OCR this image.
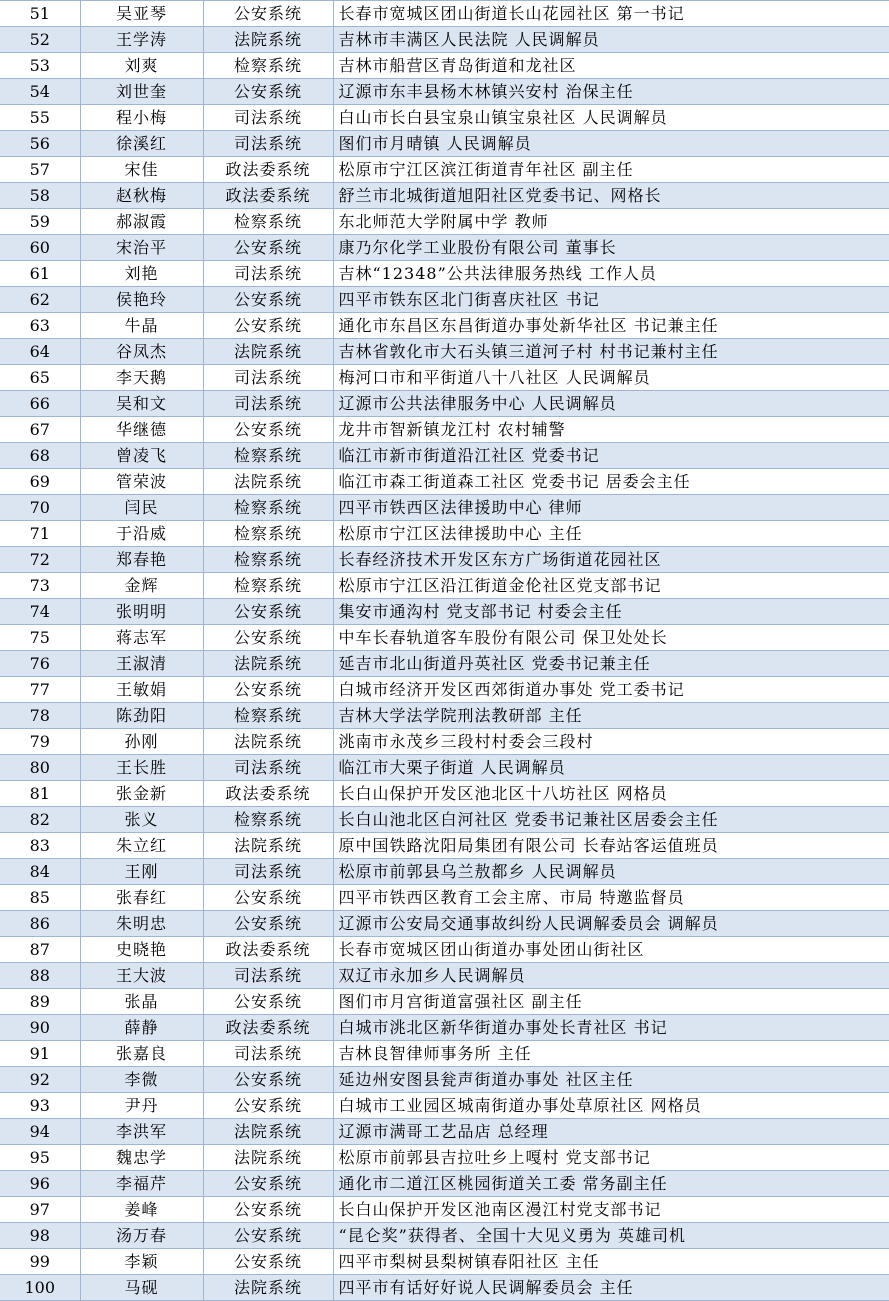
51	吴亚琴	公安系统	长春市宽城区团山街道长山花园社区 第一书记
52	王学涛	法院系统	吉林市丰满区人民法院 人民调解员
53	刘爽	检察系统	吉林市船营区青岛街道和龙社区
54	刘世奎	公安系统	辽源市东丰县杨木林镇兴安村 治保主任
55	程小梅	司法系统	白山市长白县宝泉山镇宝泉社区 人民调解员
56	徐溪红	司法系统	图们市月晴镇 人民调解员
57	宋佳	政法委系统	松原市宁江区滨江街道青年社区 副主任
58	赵秋梅	政法委系统	舒兰市北城街道旭阳社区党委书记、网格长
59	郝淑霞	检察系统	东北师范大学附属中学 教师
60	宋治平	公安系统	康乃尔化学工业股份有限公司 董事长
61	刘艳	司法系统	吉林“12348”公共法律服务热线 工作人员
62	侯艳玲	公安系统	四平市铁东区北门街喜庆社区 书记
63	牛晶	公安系统	通化市东昌区东昌街道办事处新华社区 书记兼主任
64	谷凤杰	法院系统	吉林省敦化市大石头镇三道河子村 村书记兼村主任
65	李天鹅	司法系统	梅河口市和平街道八十八社区 人民调解员
66	吴和文	司法系统	辽源市公共法律服务中心 人民调解员
67	华继德	公安系统	龙井市智新镇龙江村 农村辅警
68	曾凌飞	检察系统	临江市新市街道沿江社区 党委书记
69	管荣波	法院系统	临江市森工街道森工社区 党委书记 居委会主任
70	闫民	检察系统	四平市铁西区法律援助中心 律师
71	于沿威	检察系统	松原市宁江区法律援助中心 主任
72	郑春艳	检察系统	长春经济技术开发区东方广场街道花园社区
73	金辉	检察系统	松原市宁江区沿江街道金伦社区党支部书记
74	张明明	公安系统	集安市通沟村 党支部书记 村委会主任
75	蒋志军	公安系统	中车长春轨道客车股份有限公司 保卫处处长
76	王淑清	法院系统	延吉市北山街道丹英社区 党委书记兼主任
77	王敏娟	公安系统	白城市经济开发区西郊街道办事处 党工委书记
78	陈劲阳	检察系统	吉林大学法学院刑法教研部 主任
79	孙刚	法院系统	洮南市永茂乡三段村村委会三段村
80	王长胜	司法系统	临江市大栗子街道 人民调解员
81	张金新	政法委系统	长白山保护开发区池北区十八坊社区 网格员
82	张义	检察系统	长白山池北区白河社区 党委书记兼社区居委会主任
83	朱立红	法院系统	原中国铁路沈阳局集团有限公司 长春站客运值班员
84	王刚	司法系统	松原市前郭县乌兰敖都乡 人民调解员
85	张春红	公安系统	四平市铁西区教育工会主席、市局 特邀监督员
86	朱明忠	公安系统	辽源市公安局交通事故纠纷人民调解委员会 调解员
87	史晓艳	政法委系统	长春市宽城区团山街道办事处团山街社区
88	王大波	司法系统	双辽市永加乡人民调解员
89	张晶	公安系统	图们市月宫街道富强社区 副主任
90	薛静	政法委系统	白城市洮北区新华街道办事处长青社区 书记
91	张嘉良	司法系统	吉林良智律师事务所 主任
92	李微	公安系统	延边州安图县瓮声街道办事处 社区主任
93	尹丹	公安系统	白城市工业园区城南街道办事处草原社区 网格员
94	李洪军	法院系统	辽源市满哥工艺品店 总经理
95	魏忠学	法院系统	松原市前郭县吉拉吐乡上嘎村 党支部书记
96	李福芹	公安系统	通化市二道江区桃园街道关工委 常务副主任
97	姜峰	公安系统	长白山保护开发区池南区漫江村党支部书记
98	汤万春	公安系统	“昆仑奖”获得者、全国十大见义勇为 英雄司机
99	李颖	公安系统	四平市梨树县梨树镇春阳社区 主任
100	马砚	法院系统	四平市有话好好说人民调解委员会 主任
